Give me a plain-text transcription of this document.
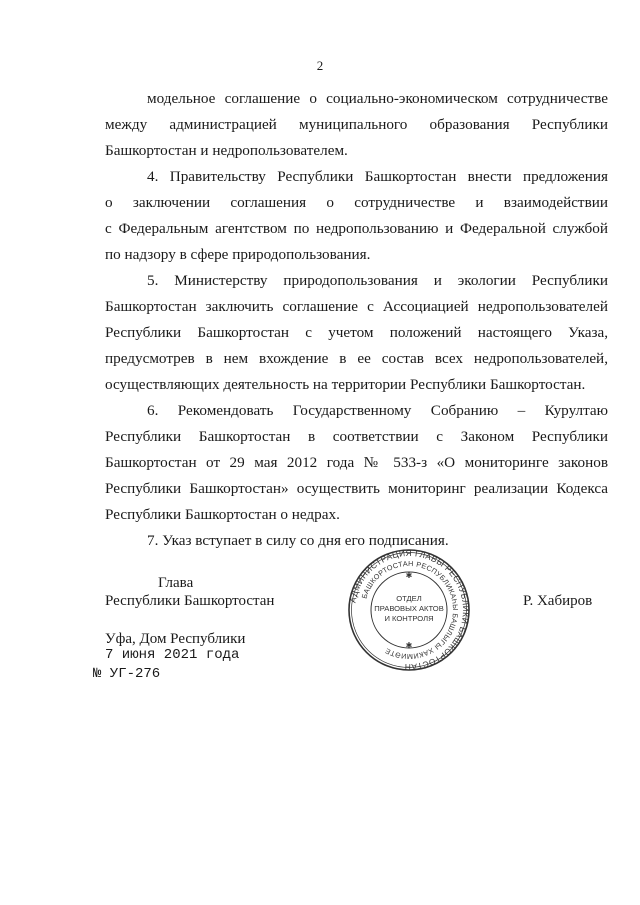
2
модельное соглашение о социально-экономическом сотрудничестве
между администрацией муниципального образования Республики
Башкортостан и недропользователем.
4. Правительству Республики Башкортостан внести предложения
о заключении соглашения о сотрудничестве и взаимодействии
с Федеральным агентством по недропользованию и Федеральной службой
по надзору в сфере природопользования.
5. Министерству природопользования и экологии Республики
Башкортостан заключить соглашение с Ассоциацией недропользователей
Республики Башкортостан с учетом положений настоящего Указа,
предусмотрев в нем вхождение в ее состав всех недропользователей,
осуществляющих деятельность на территории Республики Башкортостан.
6. Рекомендовать Государственному Собранию – Курултаю
Республики Башкортостан в соответствии с Законом Республики
Башкортостан от 29 мая 2012 года № 533-з «О мониторинге законов
Республики Башкортостан» осуществить мониторинг реализации Кодекса
Республики Башкортостан о недрах.
7. Указ вступает в силу со дня его подписания.
Глава
Республики Башкортостан	Р. Хабиров
Уфа, Дом Республики
7 июня 2021 года
№ УГ-276
АДМИНИСТРАЦИЯ ГЛАВЫ РЕСПУБЛИКИ БАШКОРТОСТАН
БАШКОРТОСТАН РЕСПУБЛИКАҺЫ БАШЛЫГЫ ХАКИМИӘТЕ
ОТДЕЛ
ПРАВОВЫХ АКТОВ
И КОНТРОЛЯ
✱
✱
